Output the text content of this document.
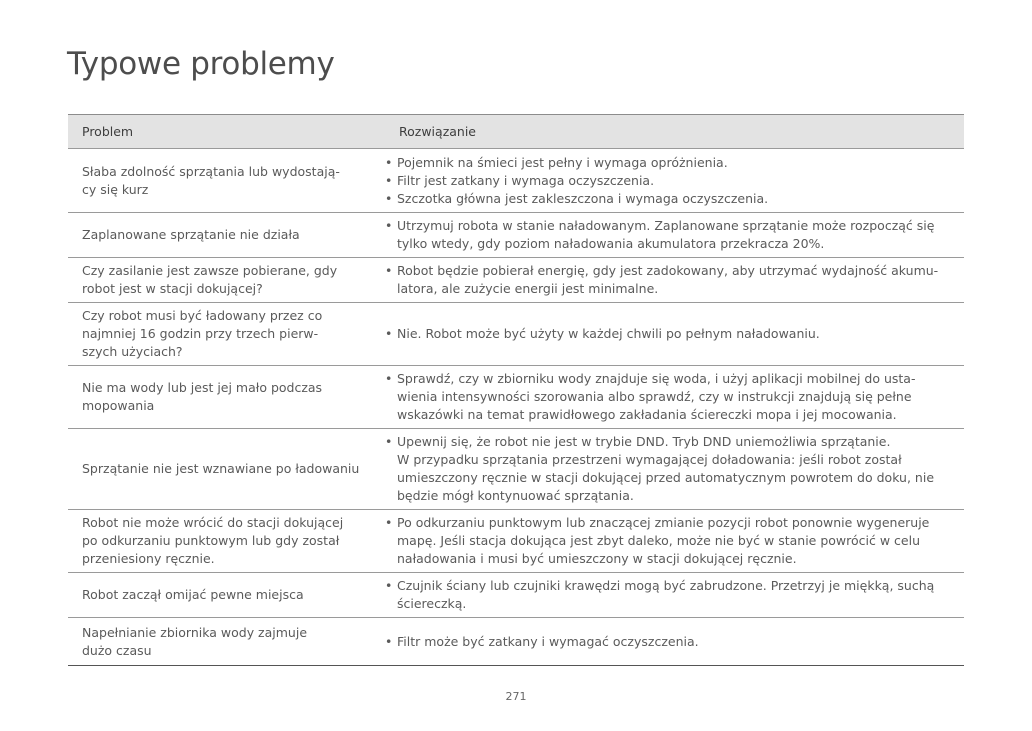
Typowe problemy
Problem	Rozwiązanie
Słaba zdolność sprzątania lub wydostają-
cy się kurz
• Pojemnik na śmieci jest pełny i wymaga opróżnienia.
• Filtr jest zatkany i wymaga oczyszczenia.
• Szczotka główna jest zakleszczona i wymaga oczyszczenia.
Zaplanowane sprzątanie nie działa
• Utrzymuj robota w stanie naładowanym. Zaplanowane sprzątanie może rozpocząć się
tylko wtedy, gdy poziom naładowania akumulatora przekracza 20%.
Czy zasilanie jest zawsze pobierane, gdy
robot jest w stacji dokującej?
• Robot będzie pobierał energię, gdy jest zadokowany, aby utrzymać wydajność akumu-
latora, ale zużycie energii jest minimalne.
Czy robot musi być ładowany przez co
najmniej 16 godzin przy trzech pierw-
szych użyciach?
• Nie. Robot może być użyty w każdej chwili po pełnym naładowaniu.
Nie ma wody lub jest jej mało podczas
mopowania
• Sprawdź, czy w zbiorniku wody znajduje się woda, i użyj aplikacji mobilnej do usta-
wienia intensywności szorowania albo sprawdź, czy w instrukcji znajdują się pełne
wskazówki na temat prawidłowego zakładania ściereczki mopa i jej mocowania.
Sprzątanie nie jest wznawiane po ładowaniu
• Upewnij się, że robot nie jest w trybie DND. Tryb DND uniemożliwia sprzątanie.
W przypadku sprzątania przestrzeni wymagającej doładowania: jeśli robot został
umieszczony ręcznie w stacji dokującej przed automatycznym powrotem do doku, nie
będzie mógł kontynuować sprzątania.
Robot nie może wrócić do stacji dokującej
po odkurzaniu punktowym lub gdy został
przeniesiony ręcznie.
• Po odkurzaniu punktowym lub znaczącej zmianie pozycji robot ponownie wygeneruje
mapę. Jeśli stacja dokująca jest zbyt daleko, może nie być w stanie powrócić w celu
naładowania i musi być umieszczony w stacji dokującej ręcznie.
Robot zaczął omijać pewne miejsca
• Czujnik ściany lub czujniki krawędzi mogą być zabrudzone. Przetrzyj je miękką, suchą
ściereczką.
Napełnianie zbiornika wody zajmuje
dużo czasu
• Filtr może być zatkany i wymagać oczyszczenia.
271
